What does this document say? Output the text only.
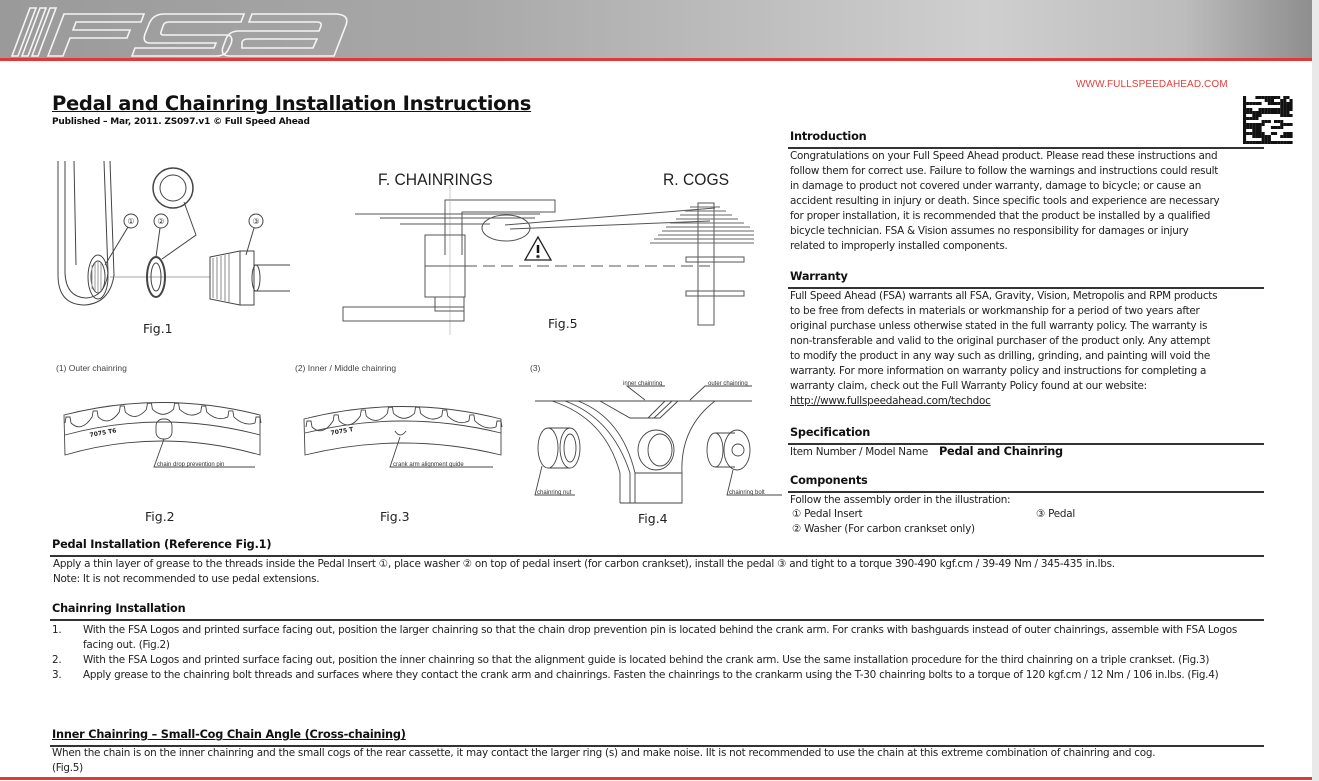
WWW.FULLSPEEDAHEAD.COM
Pedal and Chainring Installation Instructions
Published – Mar, 2011. ZS097.v1 © Full Speed Ahead
①	②	③
Fig.1
F. CHAINRINGS	R. COGS
Fig.5
(1) Outer chainring
7075 T6
chain drop prevention pin
Fig.2
(2) Inner / Middle chainring
7075 T
crank arm alignment guide
Fig.3
(3)
chainring nut	chainring bolt
inner chainring	outer chainring
Fig.4
Introduction
Congratulations on your Full Speed Ahead product. Please read these instructions and
follow them for correct use. Failure to follow the warnings and instructions could result
in damage to product not covered under warranty, damage to bicycle; or cause an
accident resulting in injury or death. Since specific tools and experience are necessary
for proper installation, it is recommended that the product be installed by a qualified
bicycle technician. FSA & Vision assumes no responsibility for damages or injury
related to improperly installed components.
Warranty
Full Speed Ahead (FSA) warrants all FSA, Gravity, Vision, Metropolis and RPM products
to be free from defects in materials or workmanship for a period of two years after
original purchase unless otherwise stated in the full warranty policy. The warranty is
non-transferable and valid to the original purchaser of the product only. Any attempt
to modify the product in any way such as drilling, grinding, and painting will void the
warranty. For more information on warranty policy and instructions for completing a
warranty claim, check out the Full Warranty Policy found at our website:
http://www.fullspeedahead.com/techdoc
Specification
Item Number / Model Name Pedal and Chainring
Components
Follow the assembly order in the illustration:
① Pedal Insert
② Washer (For carbon crankset only)
③ Pedal
Pedal Installation (Reference Fig.1)
Apply a thin layer of grease to the threads inside the Pedal Insert ①, place washer ② on top of pedal insert (for carbon crankset), install the pedal ③ and tight to a torque 390-490 kgf.cm / 39-49 Nm / 345-435 in.lbs.
Note: It is not recommended to use pedal extensions.
Chainring Installation
1.	With the FSA Logos and printed surface facing out, position the larger chainring so that the chain drop prevention pin is located behind the crank arm. For cranks with bashguards instead of outer chainrings, assemble with FSA Logos facing out. (Fig.2)
2.	With the FSA Logos and printed surface facing out, position the inner chainring so that the alignment guide is located behind the crank arm. Use the same installation procedure for the third chainring on a triple crankset. (Fig.3)
3.	Apply grease to the chainring bolt threads and surfaces where they contact the crank arm and chainrings. Fasten the chainrings to the crankarm using the T-30 chainring bolts to a torque of 120 kgf.cm / 12 Nm / 106 in.lbs. (Fig.4)
Inner Chainring – Small-Cog Chain Angle (Cross-chaining)
When the chain is on the inner chainring and the small cogs of the rear cassette, it may contact the larger ring (s) and make noise. IIt is not recommended to use the chain at this extreme combination of chainring and cog.
(Fig.5)
